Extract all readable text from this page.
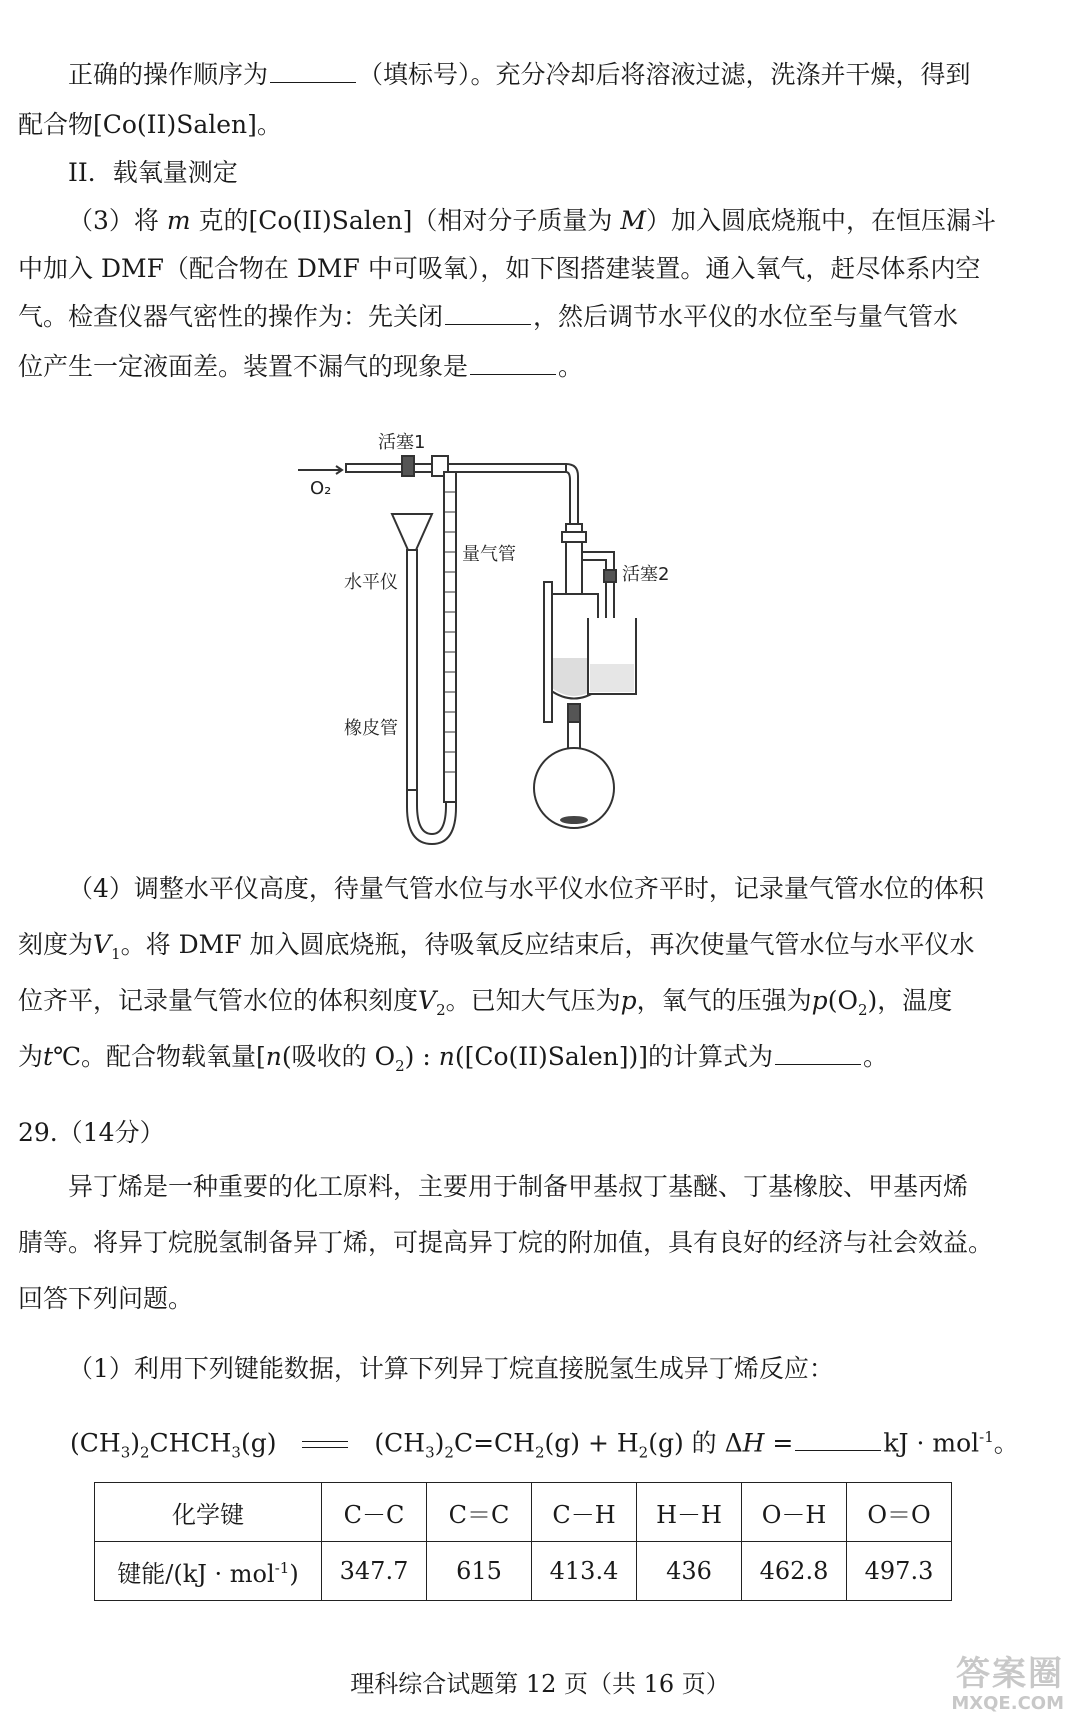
正确的操作顺序为	（填标号）。充分冷却后将溶液过滤，洗涤并干燥，得到
配合物[Co(II)Salen]。
II．载氧量测定
（3）将 m 克的[Co(II)Salen]（相对分子质量为 M）加入圆底烧瓶中，在恒压漏斗
中加入 DMF（配合物在 DMF 中可吸氧），如下图搭建装置。通入氧气，赶尽体系内空
气。检查仪器气密性的操作为：先关闭	，然后调节水平仪的水位至与量气管水
位产生一定液面差。装置不漏气的现象是	。
活塞1
O₂
量气管
水平仪	活塞2
橡皮管
（4）调整水平仪高度，待量气管水位与水平仪水位齐平时，记录量气管水位的体积
刻度为$V_1$。将 DMF 加入圆底烧瓶，待吸氧反应结束后，再次使量气管水位与水平仪水
位齐平，记录量气管水位的体积刻度$V_2$。已知大气压为p，氧气的压强为$p(O_2)$，温度
为t℃。配合物载氧量[n(吸收的 $O_2$) : n([Co(II)Salen])]的计算式为	。
29.（14分）
异丁烯是一种重要的化工原料，主要用于制备甲基叔丁基醚、丁基橡胶、甲基丙烯
腈等。将异丁烷脱氢制备异丁烯，可提高异丁烷的附加值，具有良好的经济与社会效益。
回答下列问题。
（1）利用下列键能数据，计算下列异丁烷直接脱氢生成异丁烯反应：
$(CH_3)_2CHCH_3(g)$	$(CH_3)_2C=CH_2(g) + H_2(g)$ 的 ΔH =	kJ · mol$^{-1}$。
化学键	C－C	C＝C	C－H	H－H	O－H	O＝O
键能/(kJ · mol$^{-1}$)	347.7	615	413.4	436	462.8	497.3
理科综合试题第 12 页（共 16 页）	答案圈
MXQE.COM
